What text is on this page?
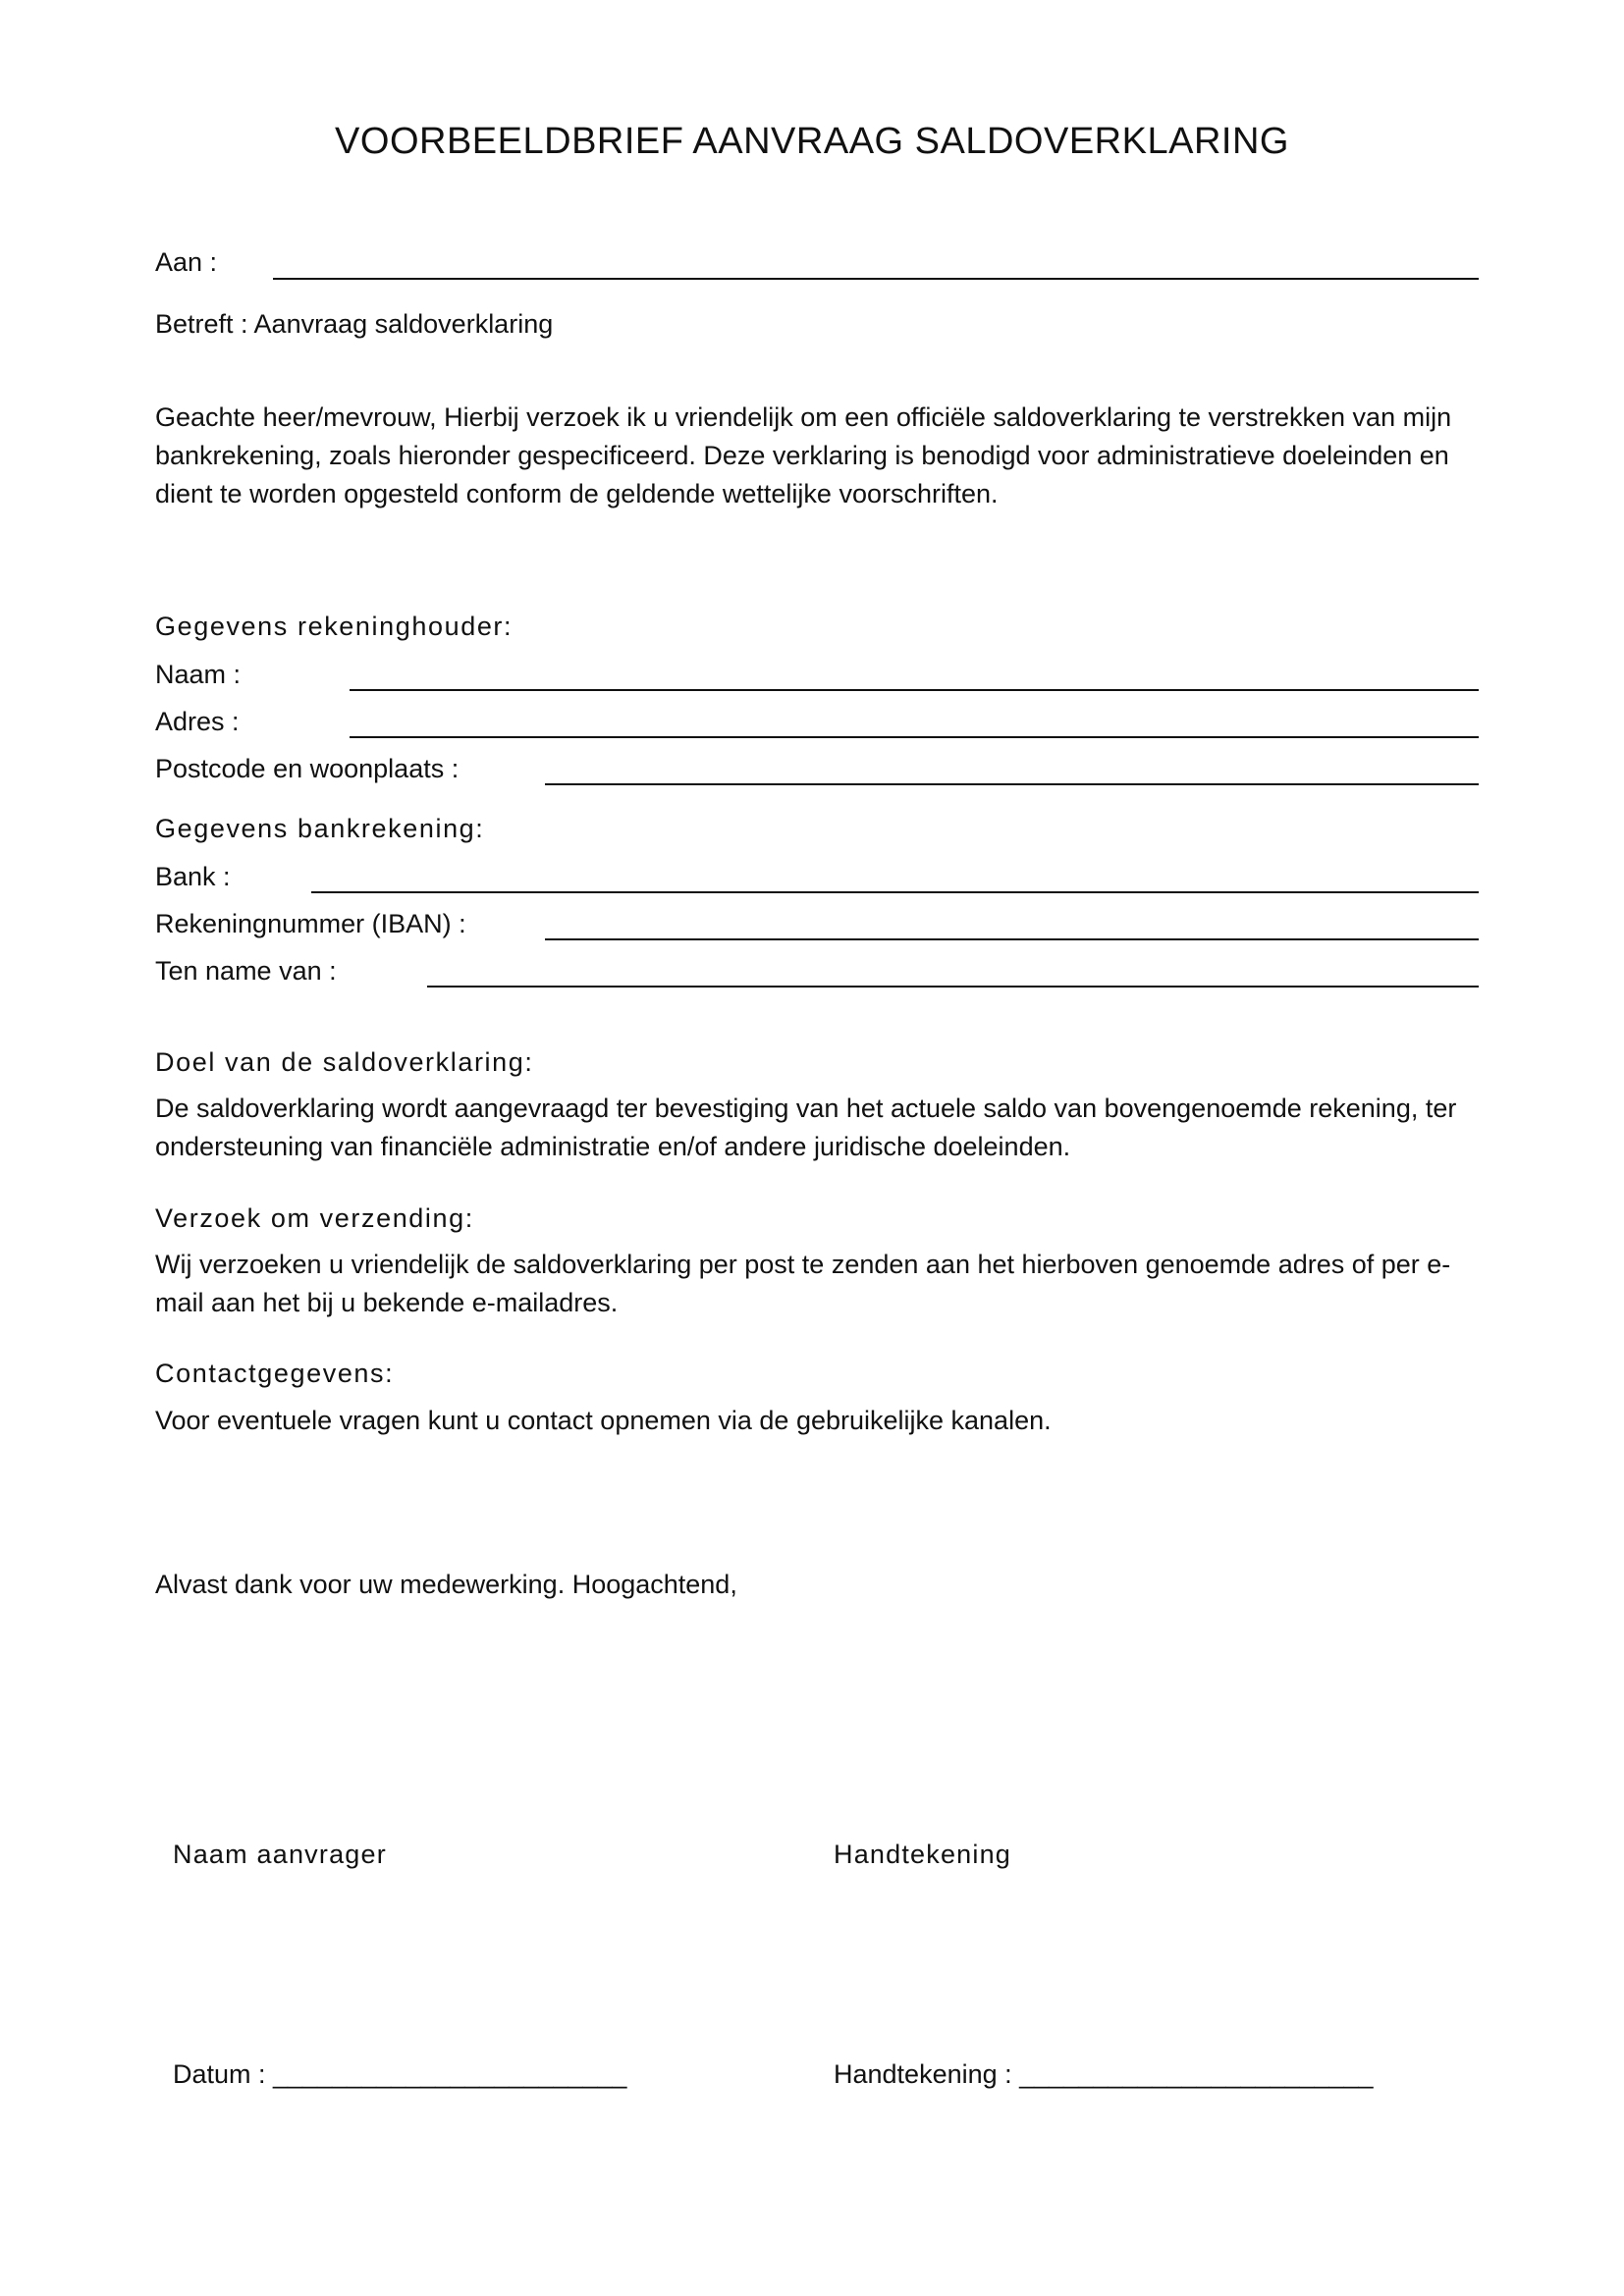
VOORBEELDBRIEF AANVRAAG SALDOVERKLARING
Aan :
Betreft : Aanvraag saldoverklaring

Geachte heer/mevrouw, Hierbij verzoek ik u vriendelijk om een officiële saldoverklaring te verstrekken van mijn bankrekening, zoals hieronder gespecificeerd. Deze verklaring is benodigd voor administratieve doeleinden en dient te worden opgesteld conform de geldende wettelijke voorschriften.

Gegevens rekeninghouder:
Naam :
Adres :
Postcode en woonplaats :
Gegevens bankrekening:
Bank :
Rekeningnummer (IBAN) :
Ten name van :
Doel van de saldoverklaring:

De saldoverklaring wordt aangevraagd ter bevestiging van het actuele saldo van bovengenoemde rekening, ter ondersteuning van financiële administratie en/of andere juridische doeleinden.

Verzoek om verzending:

Wij verzoeken u vriendelijk de saldoverklaring per post te zenden aan het hierboven genoemde adres of per e-mail aan het bij u bekende e-mailadres.

Contactgegevens:
Voor eventuele vragen kunt u contact opnemen via de gebruikelijke kanalen.
Alvast dank voor uw medewerking. Hoogachtend,
Naam aanvrager	Handtekening
Datum : ________________________	Handtekening : ________________________
